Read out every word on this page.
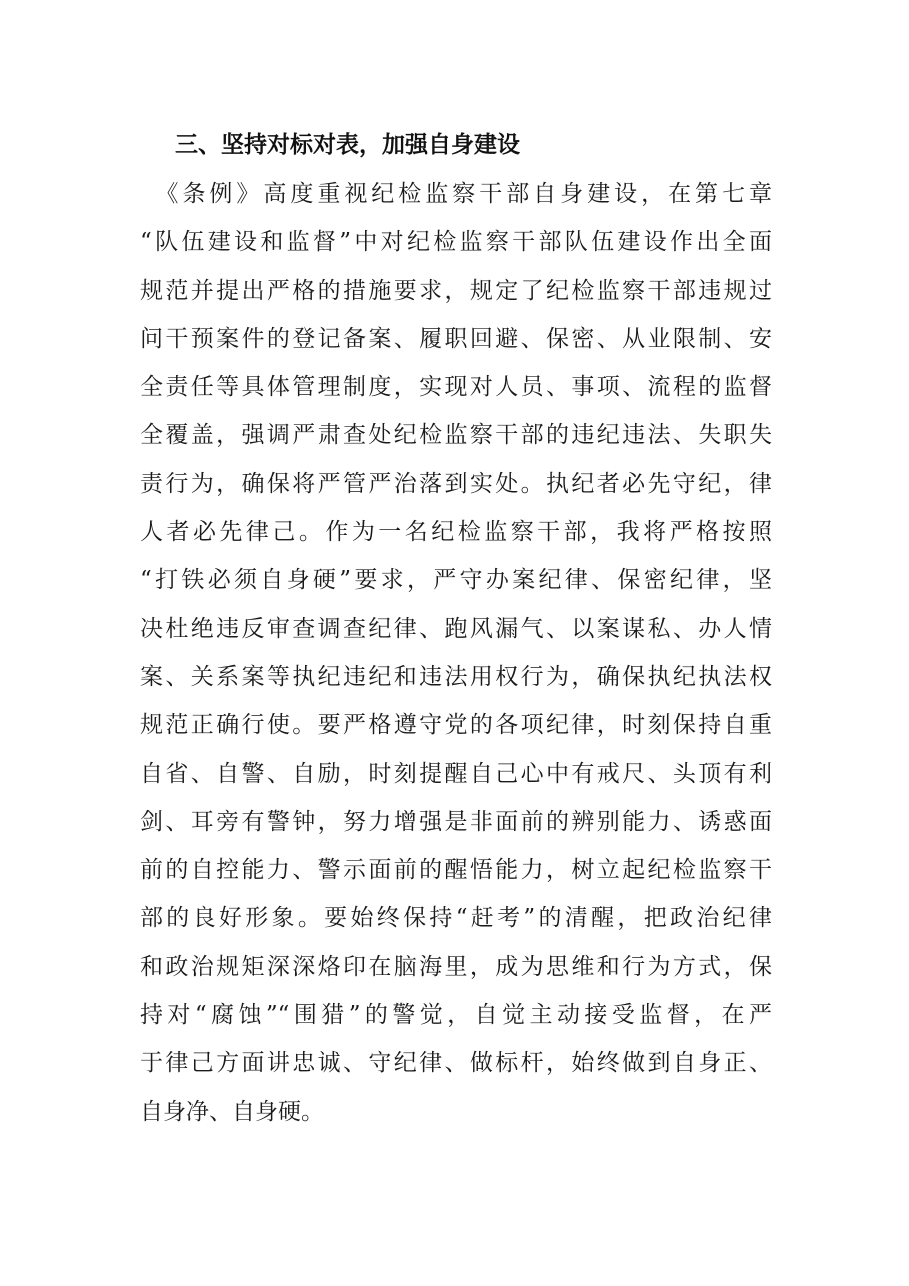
三、坚持对标对表，加强自身建设
　《条例》高度重视纪检监察干部自身建设，在第七章
“队伍建设和监督”中对纪检监察干部队伍建设作出全面
规范并提出严格的措施要求，规定了纪检监察干部违规过
问干预案件的登记备案、履职回避、保密、从业限制、安
全责任等具体管理制度，实现对人员、事项、流程的监督
全覆盖，强调严肃查处纪检监察干部的违纪违法、失职失
责行为，确保将严管严治落到实处。执纪者必先守纪，律
人者必先律己。作为一名纪检监察干部，我将严格按照
“打铁必须自身硬”要求，严守办案纪律、保密纪律，坚
决杜绝违反审查调查纪律、跑风漏气、以案谋私、办人情
案、关系案等执纪违纪和违法用权行为，确保执纪执法权
规范正确行使。要严格遵守党的各项纪律，时刻保持自重
自省、自警、自励，时刻提醒自己心中有戒尺、头顶有利
剑、耳旁有警钟，努力增强是非面前的辨别能力、诱惑面
前的自控能力、警示面前的醒悟能力，树立起纪检监察干
部的良好形象。要始终保持“赶考”的清醒，把政治纪律
和政治规矩深深烙印在脑海里，成为思维和行为方式，保
持对“腐蚀”“围猎”的警觉，自觉主动接受监督，在严
于律己方面讲忠诚、守纪律、做标杆，始终做到自身正、
自身净、自身硬。
